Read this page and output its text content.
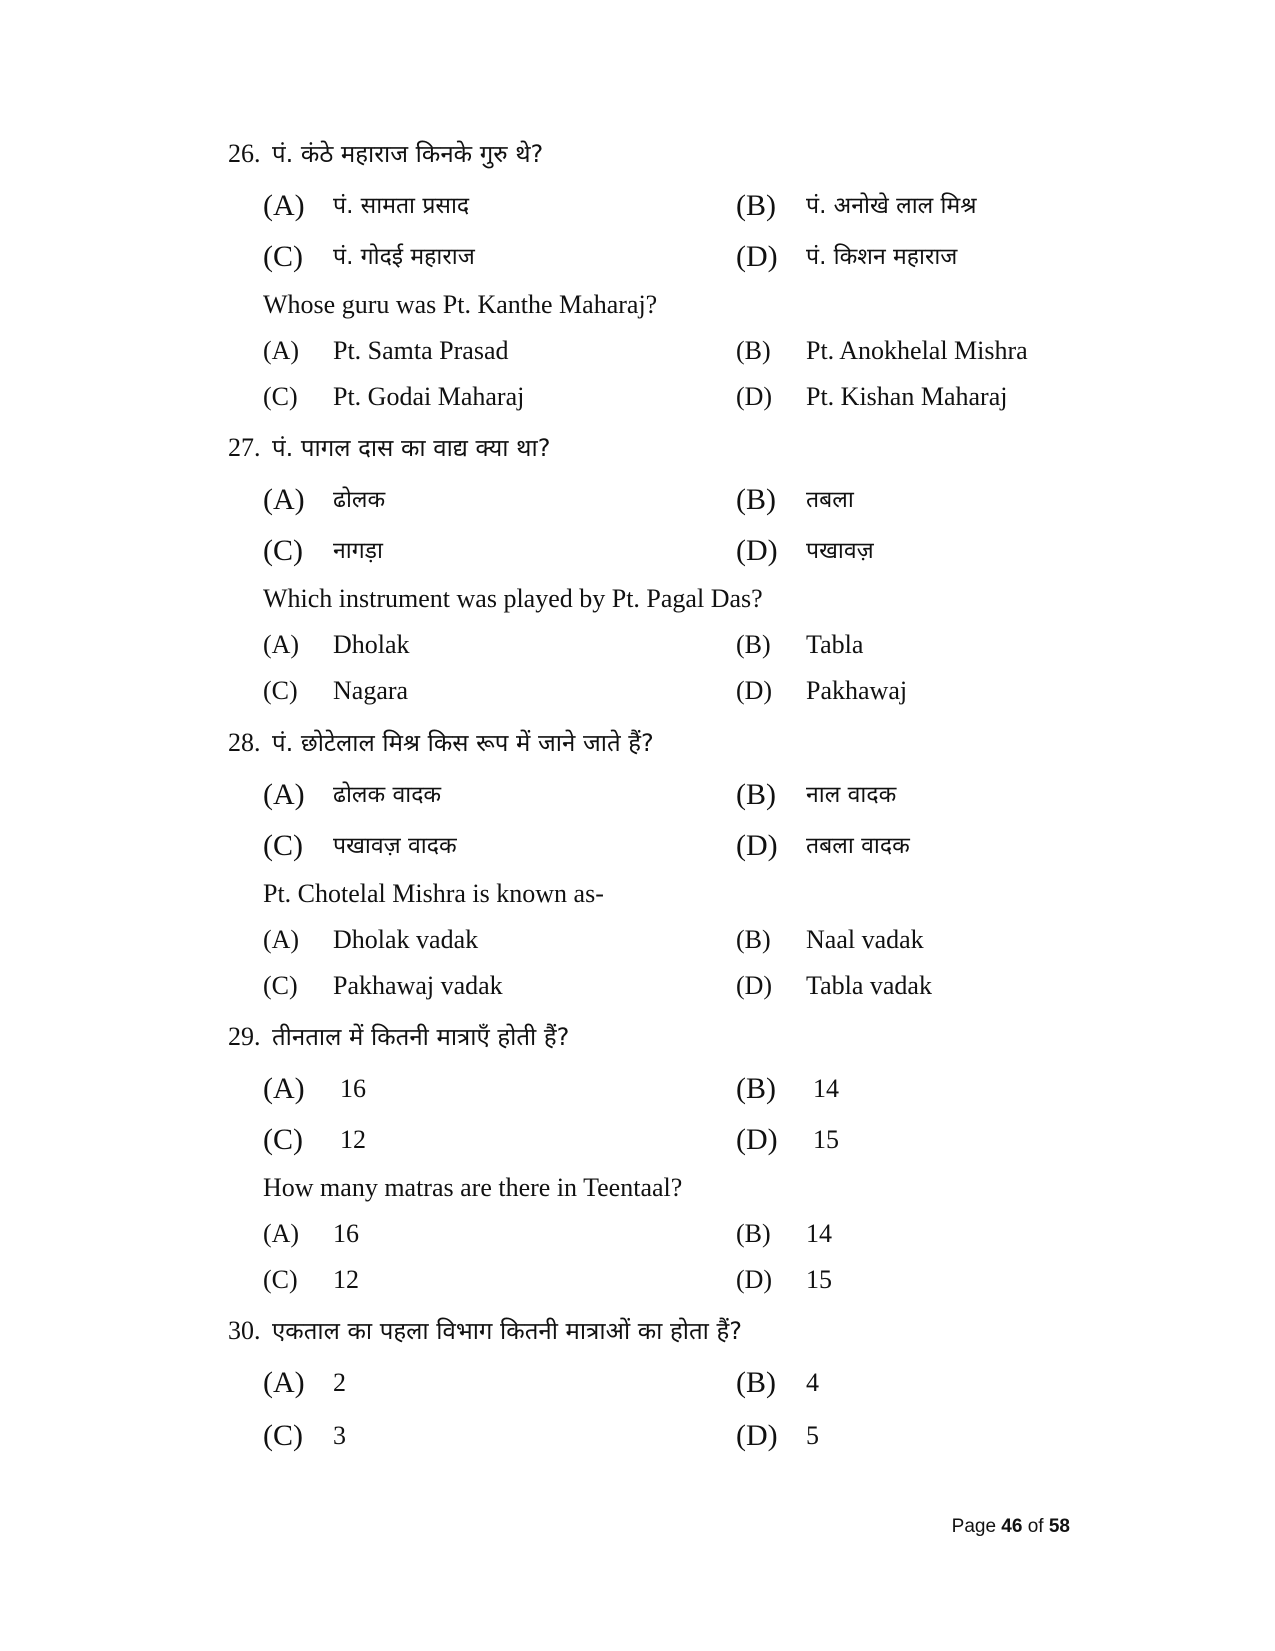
26. पं. कंठे महाराज किनके गुरु थे?
(A) पं. सामता प्रसाद	(B) पं. अनोखे लाल मिश्र
(C) पं. गोदई महाराज	(D) पं. किशन महाराज
Whose guru was Pt. Kanthe Maharaj?
(A) Pt. Samta Prasad	(B) Pt. Anokhelal Mishra
(C) Pt. Godai Maharaj	(D) Pt. Kishan Maharaj
27. पं. पागल दास का वाद्य क्या था?
(A) ढोलक	(B) तबला
(C) नागड़ा	(D) पखावज़
Which instrument was played by Pt. Pagal Das?
(A) Dholak	(B) Tabla
(C) Nagara	(D) Pakhawaj
28. पं. छोटेलाल मिश्र किस रूप में जाने जाते हैं?
(A) ढोलक वादक	(B) नाल वादक
(C) पखावज़ वादक	(D) तबला वादक
Pt. Chotelal Mishra is known as-
(A) Dholak vadak	(B) Naal vadak
(C) Pakhawaj vadak	(D) Tabla vadak
29. तीनताल में कितनी मात्राएँ होती हैं?
(A) 16	(B) 14
(C) 12	(D) 15
How many matras are there in Teentaal?
(A) 16	(B) 14
(C) 12	(D) 15
30. एकताल का पहला विभाग कितनी मात्राओं का होता हैं?
(A) 2	(B) 4
(C) 3	(D) 5
Page 46 of 58
